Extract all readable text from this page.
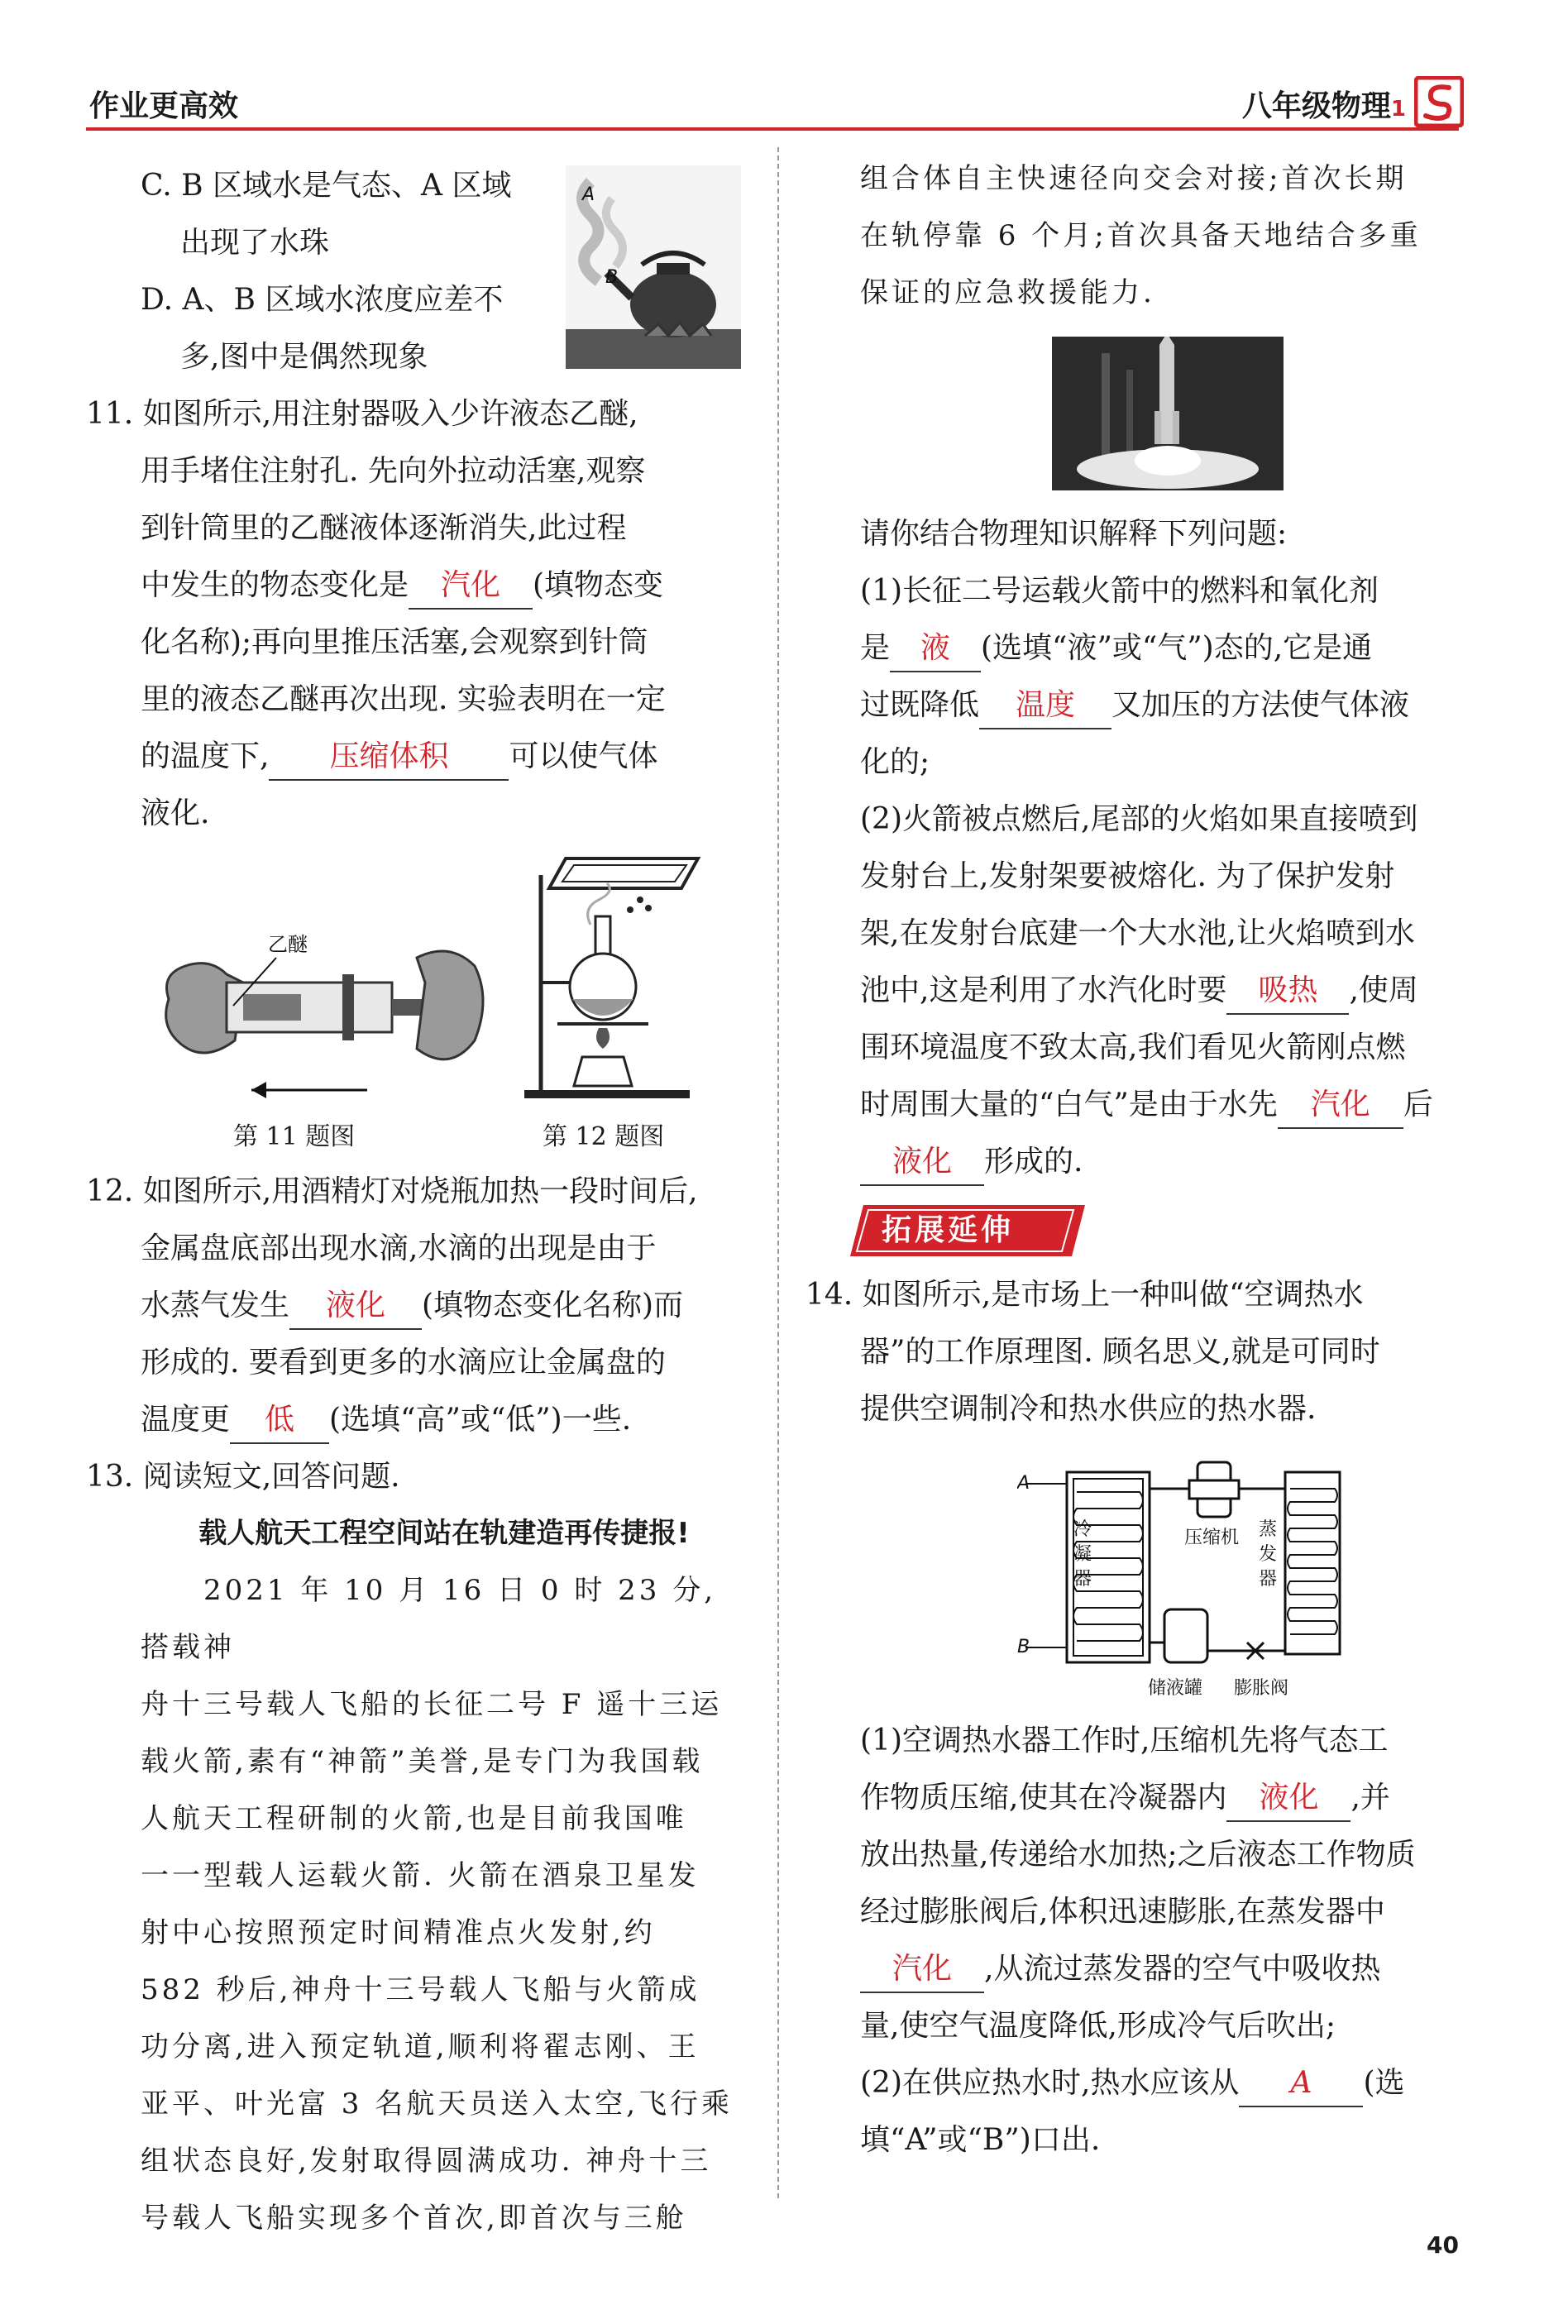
作业更高效	八年级物理1

C. B 区域水是气态、A 区域

出现了水珠

D. A、B 区域水浓度应差不

多,图中是偶然现象

A
B

11. 如图所示,用注射器吸入少许液态乙醚,

用手堵住注射孔. 先向外拉动活塞,观察

到针筒里的乙醚液体逐渐消失,此过程

中发生的物态变化是 汽化 (填物态变

化名称);再向里推压活塞,会观察到针筒

里的液态乙醚再次出现. 实验表明在一定

的温度下, 压缩体积 可以使气体

液化.

乙醚
第 11 题图	第 12 题图

12. 如图所示,用酒精灯对烧瓶加热一段时间后,

金属盘底部出现水滴,水滴的出现是由于

水蒸气发生 液化 (填物态变化名称)而

形成的. 要看到更多的水滴应让金属盘的

温度更 低 (选填“高”或“低”)一些.

13. 阅读短文,回答问题.

载人航天工程空间站在轨建造再传捷报!

2021 年 10 月 16 日 0 时 23 分,搭载神

舟十三号载人飞船的长征二号 F 遥十三运

载火箭,素有“神箭”美誉,是专门为我国载

人航天工程研制的火箭,也是目前我国唯

一一型载人运载火箭. 火箭在酒泉卫星发

射中心按照预定时间精准点火发射,约

582 秒后,神舟十三号载人飞船与火箭成

功分离,进入预定轨道,顺利将翟志刚、王

亚平、叶光富 3 名航天员送入太空,飞行乘

组状态良好,发射取得圆满成功. 神舟十三

号载人飞船实现多个首次,即首次与三舱

组合体自主快速径向交会对接;首次长期

在轨停靠 6 个月;首次具备天地结合多重

保证的应急救援能力.

请你结合物理知识解释下列问题:

(1)长征二号运载火箭中的燃料和氧化剂

是 液 (选填“液”或“气”)态的,它是通

过既降低 温度 又加压的方法使气体液

化的;

(2)火箭被点燃后,尾部的火焰如果直接喷到

发射台上,发射架要被熔化. 为了保护发射

架,在发射台底建一个大水池,让火焰喷到水

池中,这是利用了水汽化时要 吸热 ,使周

围环境温度不致太高,我们看见火箭刚点燃

时周围大量的“白气”是由于水先 汽化 后

液化 形成的.

拓展延伸

14. 如图所示,是市场上一种叫做“空调热水

器”的工作原理图. 顾名思义,就是可同时

提供空调制冷和热水供应的热水器.

A
B
冷
凝
器
压缩机 蒸
发
器
储液罐 膨胀阀

(1)空调热水器工作时,压缩机先将气态工

作物质压缩,使其在冷凝器内 液化 ,并

放出热量,传递给水加热;之后液态工作物质

经过膨胀阀后,体积迅速膨胀,在蒸发器中

汽化 ,从流过蒸发器的空气中吸收热

量,使空气温度降低,形成冷气后吹出;

(2)在供应热水时,热水应该从 A (选

填“A”或“B”)口出.

40
